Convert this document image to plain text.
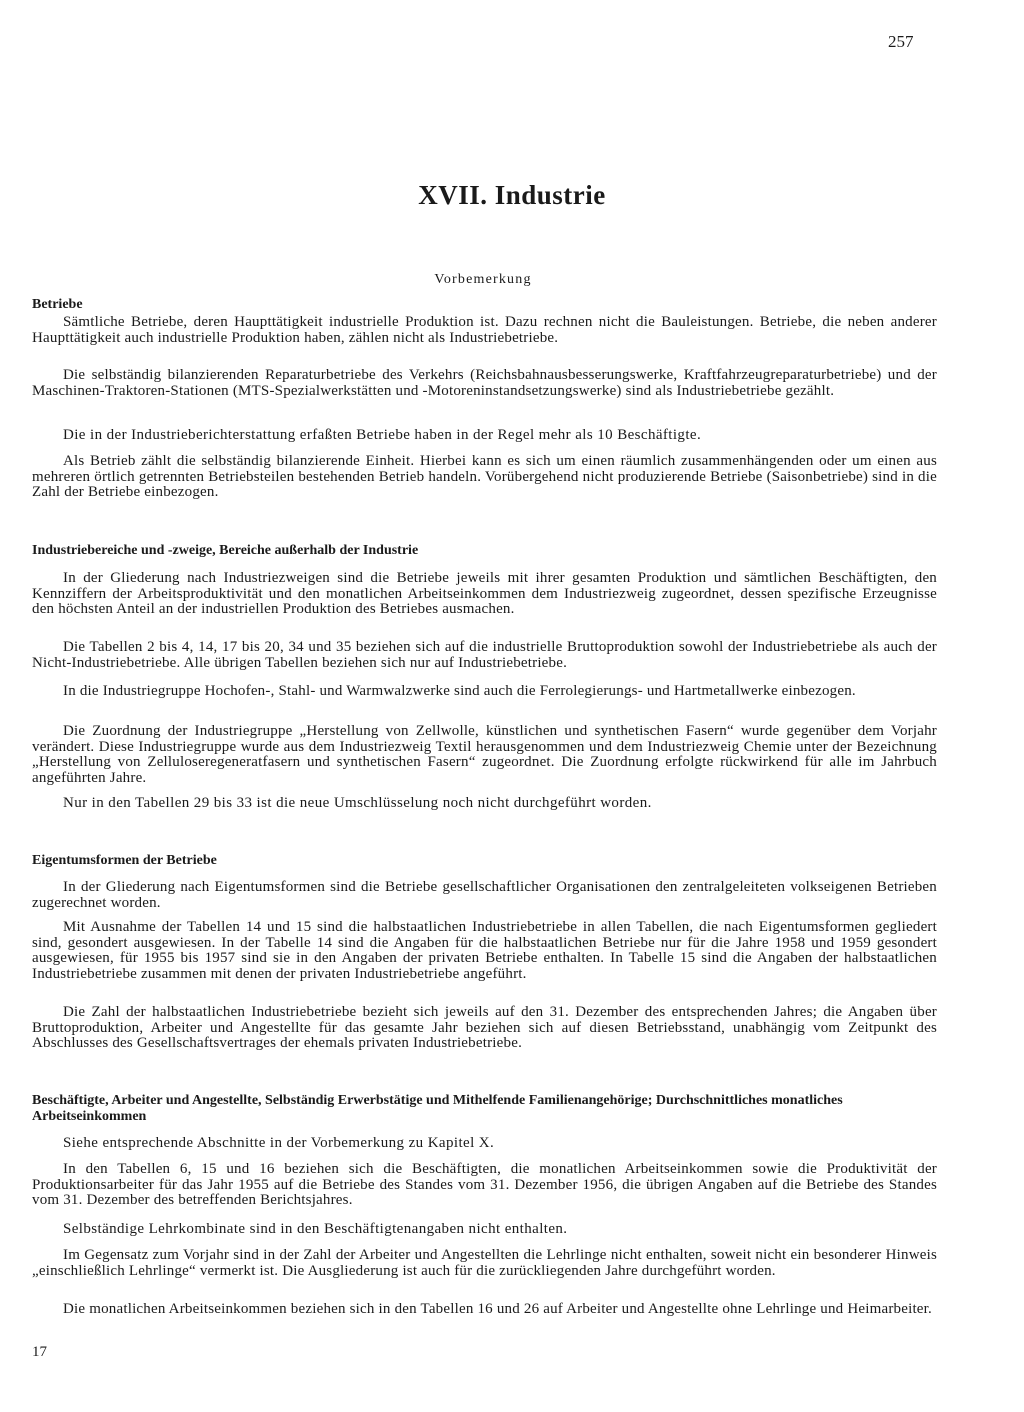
257
XVII. Industrie
Vorbemerkung
Betriebe

Sämtliche Betriebe, deren Haupttätigkeit industrielle Produktion ist. Dazu rechnen nicht die Bauleistungen. Betriebe, die neben anderer Haupttätigkeit auch industrielle Produktion haben, zählen nicht als Industriebetriebe.

Die selbständig bilanzierenden Reparaturbetriebe des Verkehrs (Reichsbahnausbesserungswerke, Kraftfahrzeugreparaturbetriebe) und der Maschinen-Traktoren-Stationen (MTS-Spezialwerkstätten und -Motoreninstandsetzungswerke) sind als Industriebetriebe gezählt.

Die in der Industrieberichterstattung erfaßten Betriebe haben in der Regel mehr als 10 Beschäftigte.

Als Betrieb zählt die selbständig bilanzierende Einheit. Hierbei kann es sich um einen räumlich zusammenhängenden oder um einen aus mehreren örtlich getrennten Betriebsteilen bestehenden Betrieb handeln. Vorübergehend nicht produzierende Betriebe (Saisonbetriebe) sind in die Zahl der Betriebe einbezogen.

Industriebereiche und -zweige, Bereiche außerhalb der Industrie

In der Gliederung nach Industriezweigen sind die Betriebe jeweils mit ihrer gesamten Produktion und sämtlichen Beschäftigten, den Kennziffern der Arbeitsproduktivität und den monatlichen Arbeitseinkommen dem Industriezweig zugeordnet, dessen spezifische Erzeugnisse den höchsten Anteil an der industriellen Produktion des Betriebes ausmachen.

Die Tabellen 2 bis 4, 14, 17 bis 20, 34 und 35 beziehen sich auf die industrielle Bruttoproduktion sowohl der Industriebetriebe als auch der Nicht-Industriebetriebe. Alle übrigen Tabellen beziehen sich nur auf Industriebetriebe.

In die Industriegruppe Hochofen-, Stahl- und Warmwalzwerke sind auch die Ferrolegierungs- und Hartmetallwerke einbezogen.

Die Zuordnung der Industriegruppe „Herstellung von Zellwolle, künstlichen und synthetischen Fasern“ wurde gegenüber dem Vorjahr verändert. Diese Industriegruppe wurde aus dem Industriezweig Textil herausgenommen und dem Industriezweig Chemie unter der Bezeichnung „Herstellung von Zelluloseregeneratfasern und synthetischen Fasern“ zugeordnet. Die Zuordnung erfolgte rückwirkend für alle im Jahrbuch angeführten Jahre.

Nur in den Tabellen 29 bis 33 ist die neue Umschlüsselung noch nicht durchgeführt worden.

Eigentumsformen der Betriebe

In der Gliederung nach Eigentumsformen sind die Betriebe gesellschaftlicher Organisationen den zentralgeleiteten volkseigenen Betrieben zugerechnet worden.

Mit Ausnahme der Tabellen 14 und 15 sind die halbstaatlichen Industriebetriebe in allen Tabellen, die nach Eigentumsformen gegliedert sind, gesondert ausgewiesen. In der Tabelle 14 sind die Angaben für die halbstaatlichen Betriebe nur für die Jahre 1958 und 1959 gesondert ausgewiesen, für 1955 bis 1957 sind sie in den Angaben der privaten Betriebe enthalten. In Tabelle 15 sind die Angaben der halbstaatlichen Industriebetriebe zusammen mit denen der privaten Industriebetriebe angeführt.

Die Zahl der halbstaatlichen Industriebetriebe bezieht sich jeweils auf den 31. Dezember des entsprechenden Jahres; die Angaben über Bruttoproduktion, Arbeiter und Angestellte für das gesamte Jahr beziehen sich auf diesen Betriebsstand, unabhängig vom Zeitpunkt des Abschlusses des Gesellschaftsvertrages der ehemals privaten Industriebetriebe.

Beschäftigte, Arbeiter und Angestellte, Selbständig Erwerbstätige und Mithelfende Familienangehörige; Durchschnittliches monatliches Arbeitseinkommen

Siehe entsprechende Abschnitte in der Vorbemerkung zu Kapitel X.

In den Tabellen 6, 15 und 16 beziehen sich die Beschäftigten, die monatlichen Arbeitseinkommen sowie die Produktivität der Produktionsarbeiter für das Jahr 1955 auf die Betriebe des Standes vom 31. Dezember 1956, die übrigen Angaben auf die Betriebe des Standes vom 31. Dezember des betreffenden Berichtsjahres.

Selbständige Lehrkombinate sind in den Beschäftigtenangaben nicht enthalten.

Im Gegensatz zum Vorjahr sind in der Zahl der Arbeiter und Angestellten die Lehrlinge nicht enthalten, soweit nicht ein besonderer Hinweis „einschließlich Lehrlinge“ vermerkt ist. Die Ausgliederung ist auch für die zurückliegenden Jahre durchgeführt worden.

Die monatlichen Arbeitseinkommen beziehen sich in den Tabellen 16 und 26 auf Arbeiter und Angestellte ohne Lehrlinge und Heimarbeiter.

17
